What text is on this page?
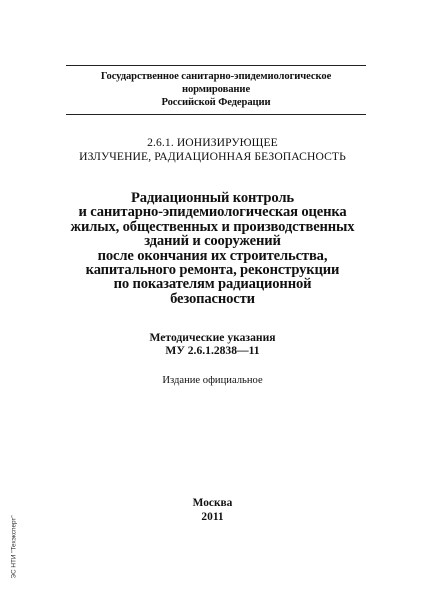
Государственное санитарно-эпидемиологическое нормирование
Российской Федерации
2.6.1. ИОНИЗИРУЮЩЕЕ
ИЗЛУЧЕНИЕ, РАДИАЦИОННАЯ БЕЗОПАСНОСТЬ
Радиационный контроль
и санитарно-эпидемиологическая оценка
жилых, общественных и производственных
зданий и сооружений
после окончания их строительства,
капитального ремонта, реконструкции
по показателям радиационной
безопасности
Методические указания
МУ 2.6.1.2838—11
Издание официальное
Москва
2011
ЭС НТИ "Техэксперт"
